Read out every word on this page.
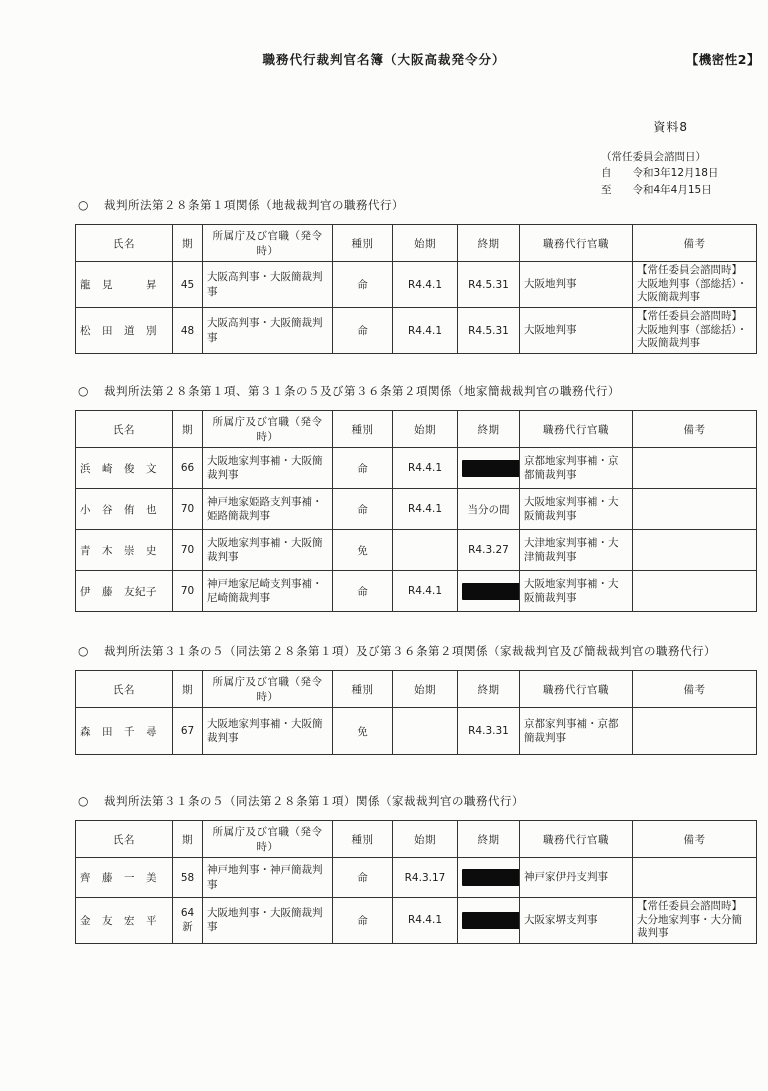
職務代行裁判官名簿（大阪高裁発令分）	【機密性2】
資料8
（常任委員会諮問日）
自　　令和3年12月18日
至　　令和4年4月15日
○ 裁判所法第２８条第１項関係（地裁裁判官の職務代行）
氏名	期	所属庁及び官職（発令時）	種別	始期	終期	職務代行官職	備考
龍　見　　　昇	45	大阪高判事・大阪簡裁判事	命	R4.4.1	R4.5.31	大阪地判事	【常任委員会諮問時】大阪地判事（部総括）・大阪簡裁判事
松　田　道　別	48	大阪高判事・大阪簡裁判事	命	R4.4.1	R4.5.31	大阪地判事	【常任委員会諮問時】大阪地判事（部総括）・大阪簡裁判事
○ 裁判所法第２８条第１項、第３１条の５及び第３６条第２項関係（地家簡裁裁判官の職務代行）
氏名	期	所属庁及び官職（発令時）	種別	始期	終期	職務代行官職	備考
浜　崎　俊　文	66	大阪地家判事補・大阪簡裁判事	命	R4.4.1		京都地家判事補・京都簡裁判事	
小　谷　侑　也	70	神戸地家姫路支判事補・姫路簡裁判事	命	R4.4.1	当分の間	大阪地家判事補・大阪簡裁判事	
青　木　崇　史	70	大阪地家判事補・大阪簡裁判事	免		R4.3.27	大津地家判事補・大津簡裁判事	
伊　藤　友紀子	70	神戸地家尼崎支判事補・尼崎簡裁判事	命	R4.4.1		大阪地家判事補・大阪簡裁判事	
○ 裁判所法第３１条の５（同法第２８条第１項）及び第３６条第２項関係（家裁裁判官及び簡裁裁判官の職務代行）
氏名	期	所属庁及び官職（発令時）	種別	始期	終期	職務代行官職	備考
森　田　千　尋	67	大阪地家判事補・大阪簡裁判事	免		R4.3.31	京都家判事補・京都簡裁判事	
○ 裁判所法第３１条の５（同法第２８条第１項）関係（家裁裁判官の職務代行）
氏名	期	所属庁及び官職（発令時）	種別	始期	終期	職務代行官職	備考
齊　藤　一　美	58	神戸地判事・神戸簡裁判事	命	R4.3.17		神戸家伊丹支判事	
金　友　宏　平	64新	大阪地判事・大阪簡裁判事	命	R4.4.1		大阪家堺支判事	【常任委員会諮問時】大分地家判事・大分簡裁判事
